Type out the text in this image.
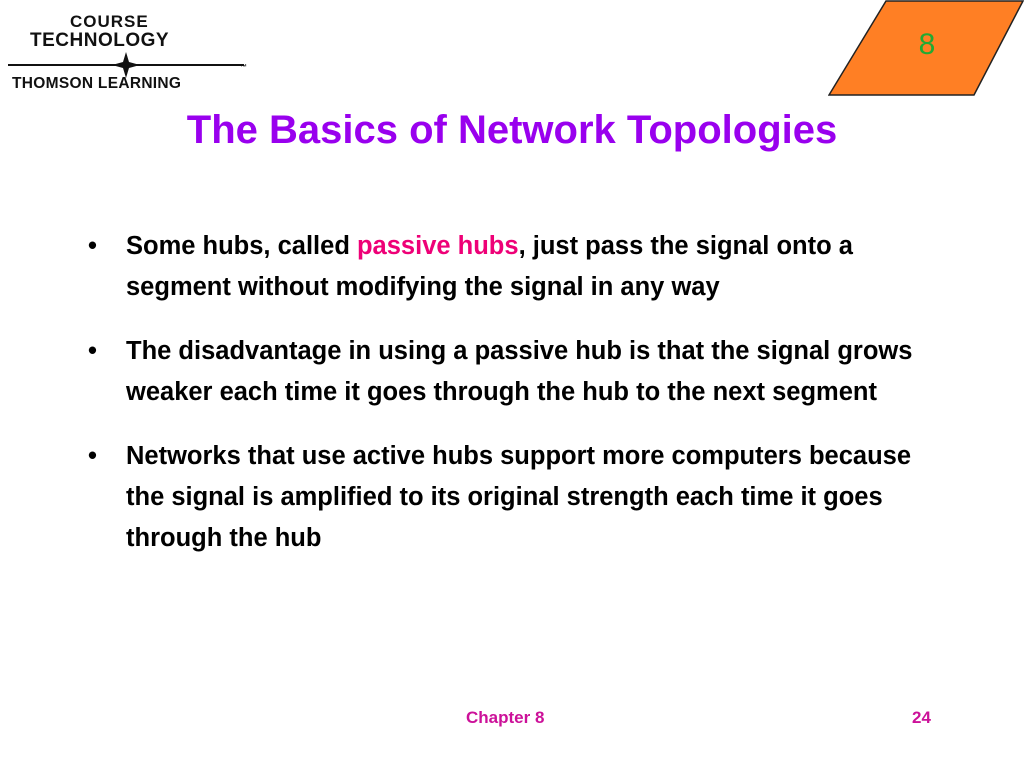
COURSE
TECHNOLOGY
THOMSON LEARNING
™
8
The Basics of Network Topologies
• Some hubs, called passive hubs, just pass the signal onto a segment without modifying the signal in any way
• The disadvantage in using a passive hub is that the signal grows weaker each time it goes through the hub to the next segment
• Networks that use active hubs support more computers because the signal is amplified to its original strength each time it goes through the hub
Chapter 8	24
